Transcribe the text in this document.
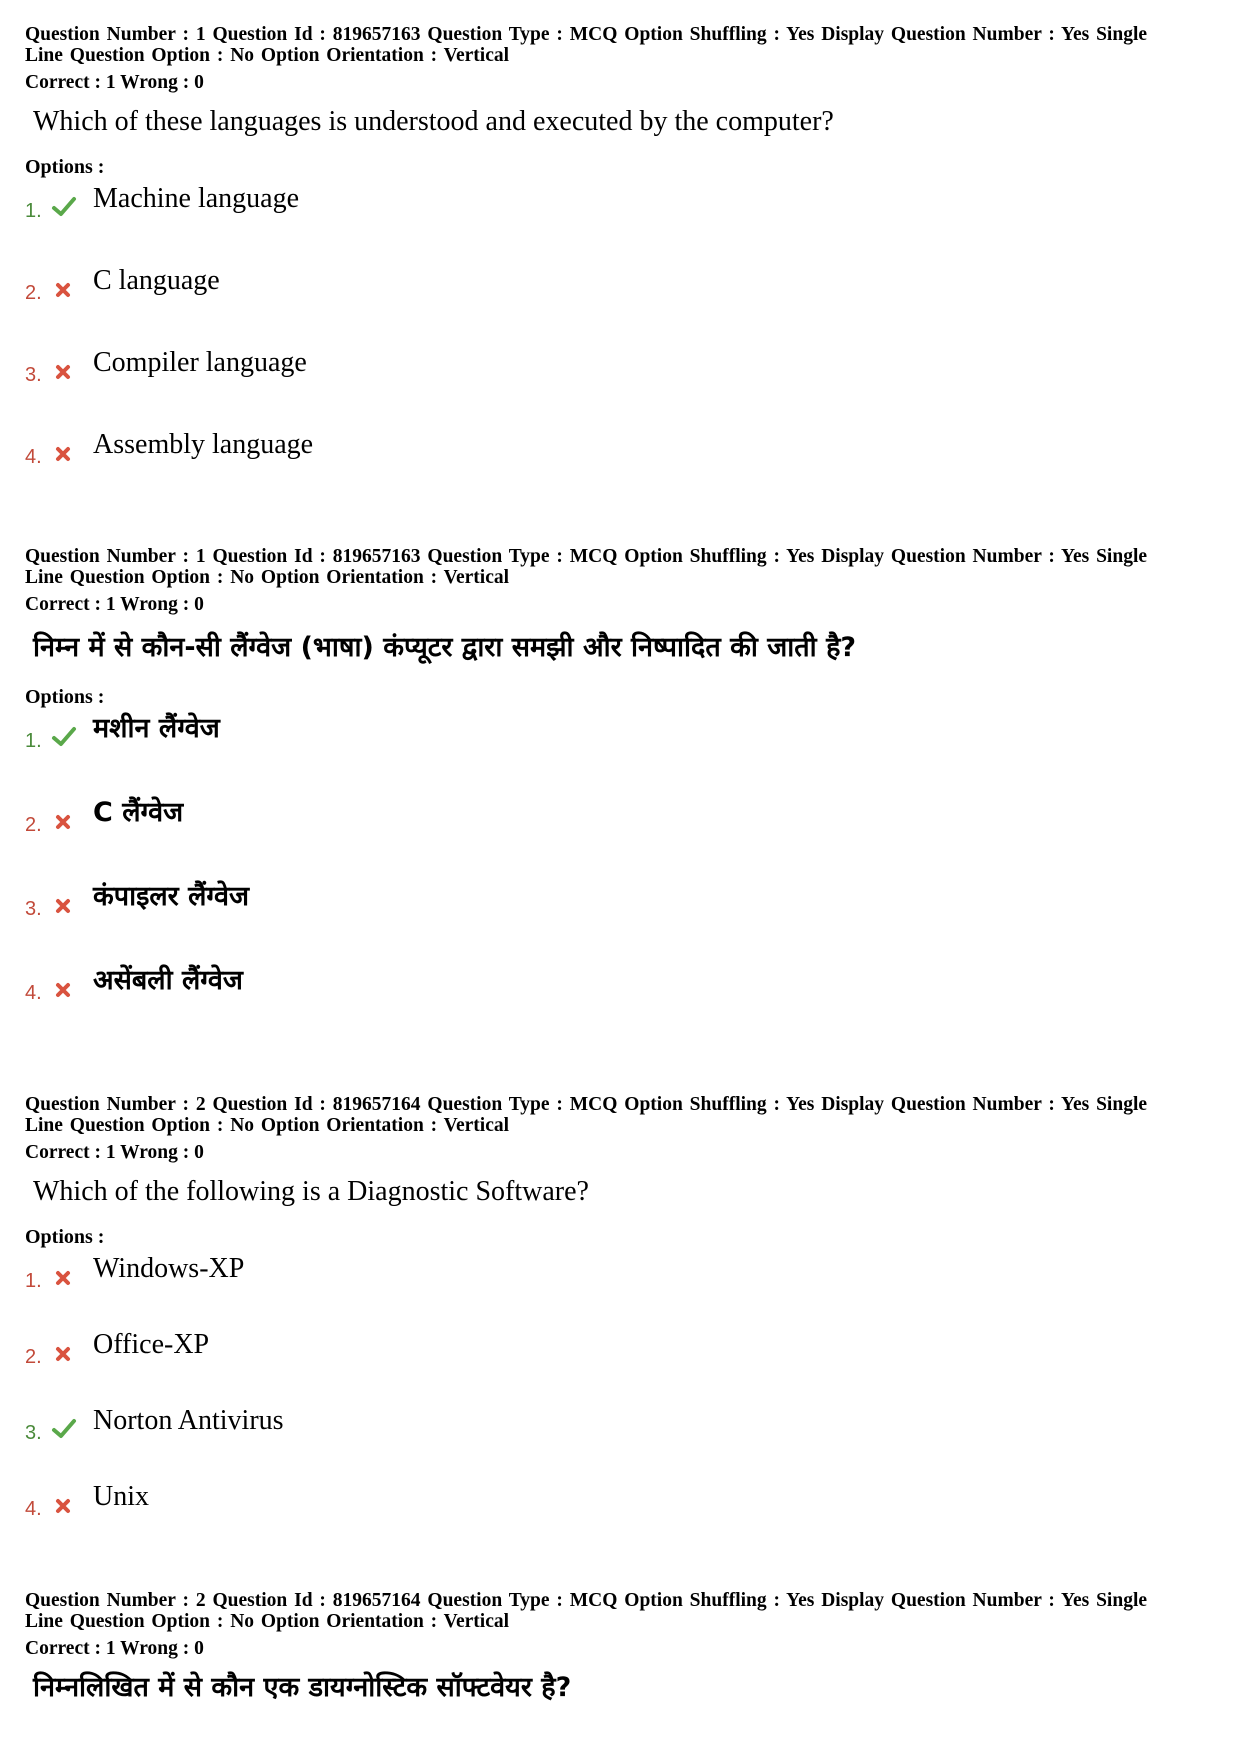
Question Number : 1 Question Id : 819657163 Question Type : MCQ Option Shuffling : Yes Display Question Number : Yes Single
Line Question Option : No Option Orientation : Vertical
Correct : 1 Wrong : 0
Which of these languages is understood and executed by the computer?
Options :
1. Machine language
2. C language
3. Compiler language
4. Assembly language
Question Number : 1 Question Id : 819657163 Question Type : MCQ Option Shuffling : Yes Display Question Number : Yes Single
Line Question Option : No Option Orientation : Vertical
Correct : 1 Wrong : 0
निम्न में से कौन-सी लैंग्वेज (भाषा) कंप्यूटर द्वारा समझी और निष्पादित की जाती है?
Options :
1. मशीन लैंग्वेज
2. C लैंग्वेज
3. कंपाइलर लैंग्वेज
4. असेंबली लैंग्वेज
Question Number : 2 Question Id : 819657164 Question Type : MCQ Option Shuffling : Yes Display Question Number : Yes Single
Line Question Option : No Option Orientation : Vertical
Correct : 1 Wrong : 0
Which of the following is a Diagnostic Software?
Options :
1. Windows-XP
2. Office-XP
3. Norton Antivirus
4. Unix
Question Number : 2 Question Id : 819657164 Question Type : MCQ Option Shuffling : Yes Display Question Number : Yes Single
Line Question Option : No Option Orientation : Vertical
Correct : 1 Wrong : 0
निम्नलिखित में से कौन एक डायग्नोस्टिक सॉफ्टवेयर है?
